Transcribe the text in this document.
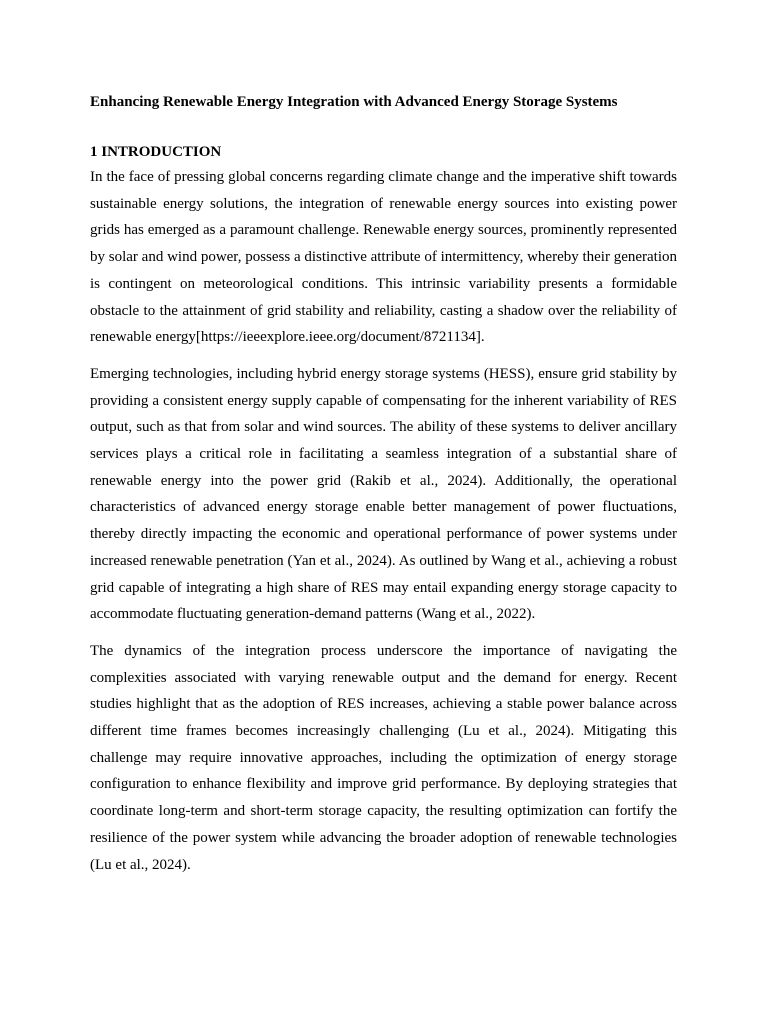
Enhancing Renewable Energy Integration with Advanced Energy Storage Systems
1 INTRODUCTION

In the face of pressing global concerns regarding climate change and the imperative shift towards sustainable energy solutions, the integration of renewable energy sources into existing power grids has emerged as a paramount challenge. Renewable energy sources, prominently represented by solar and wind power, possess a distinctive attribute of intermittency, whereby their generation is contingent on meteorological conditions. This intrinsic variability presents a formidable obstacle to the attainment of grid stability and reliability, casting a shadow over the reliability of renewable energy[https://ieeexplore.ieee.org/document/8721134].

Emerging technologies, including hybrid energy storage systems (HESS), ensure grid stability by providing a consistent energy supply capable of compensating for the inherent variability of RES output, such as that from solar and wind sources. The ability of these systems to deliver ancillary services plays a critical role in facilitating a seamless integration of a substantial share of renewable energy into the power grid (Rakib et al., 2024). Additionally, the operational characteristics of advanced energy storage enable better management of power fluctuations, thereby directly impacting the economic and operational performance of power systems under increased renewable penetration (Yan et al., 2024). As outlined by Wang et al., achieving a robust grid capable of integrating a high share of RES may entail expanding energy storage capacity to accommodate fluctuating generation-demand patterns (Wang et al., 2022).

The dynamics of the integration process underscore the importance of navigating the complexities associated with varying renewable output and the demand for energy. Recent studies highlight that as the adoption of RES increases, achieving a stable power balance across different time frames becomes increasingly challenging (Lu et al., 2024). Mitigating this challenge may require innovative approaches, including the optimization of energy storage configuration to enhance flexibility and improve grid performance. By deploying strategies that coordinate long-term and short-term storage capacity, the resulting optimization can fortify the resilience of the power system while advancing the broader adoption of renewable technologies (Lu et al., 2024).
